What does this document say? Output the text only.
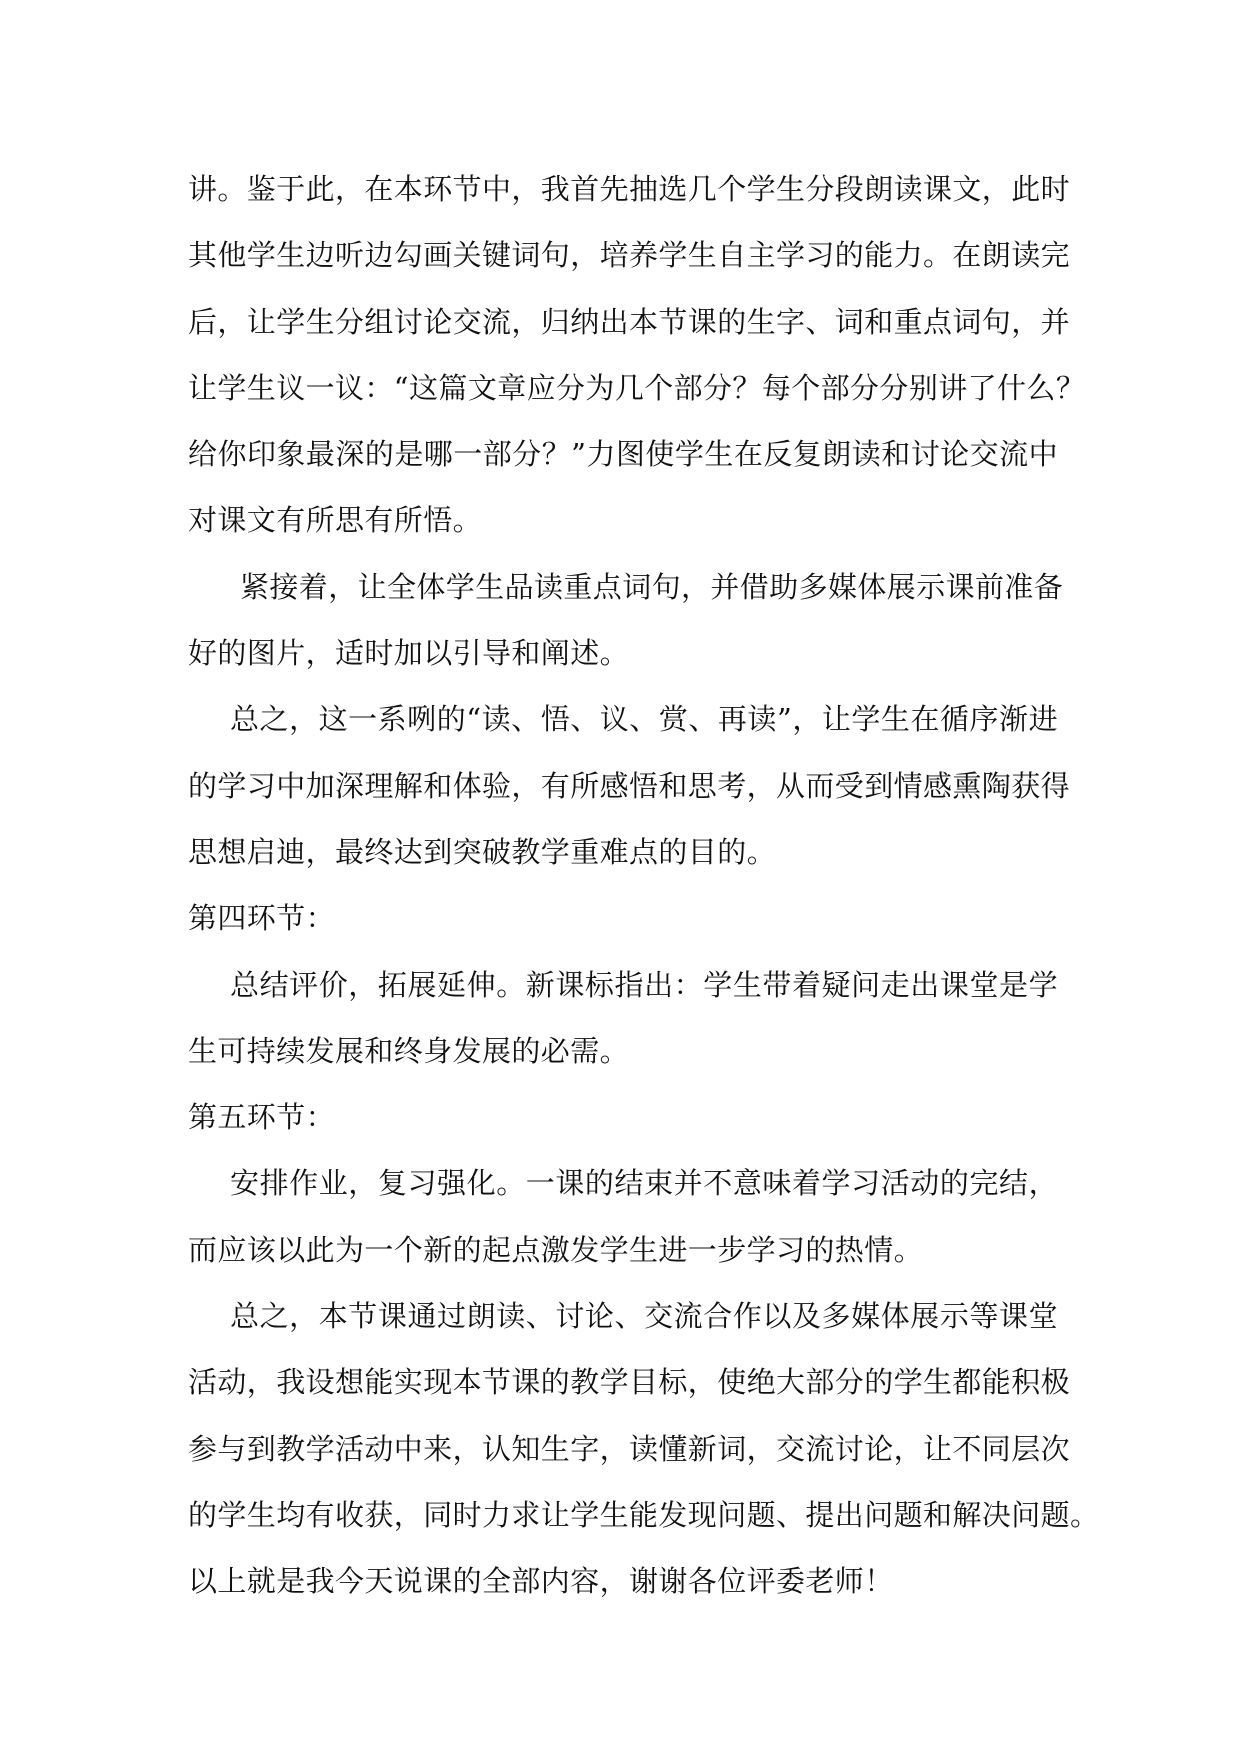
讲。鉴于此，在本环节中，我首先抽选几个学生分段朗读课文，此时
其他学生边听边勾画关键词句，培养学生自主学习的能力。在朗读完
后，让学生分组讨论交流，归纳出本节课的生字、词和重点词句，并
让学生议一议：“这篇文章应分为几个部分？每个部分分别讲了什么？
给你印象最深的是哪一部分？”力图使学生在反复朗读和讨论交流中
对课文有所思有所悟。
紧接着，让全体学生品读重点词句，并借助多媒体展示课前准备
好的图片，适时加以引导和阐述。
总之，这一系咧的“读、悟、议、赏、再读”，让学生在循序渐进
的学习中加深理解和体验，有所感悟和思考，从而受到情感熏陶获得
思想启迪，最终达到突破教学重难点的目的。
第四环节：
总结评价，拓展延伸。新课标指出：学生带着疑问走出课堂是学
生可持续发展和终身发展的必需。
第五环节：
安排作业，复习强化。一课的结束并不意味着学习活动的完结，
而应该以此为一个新的起点激发学生进一步学习的热情。
总之，本节课通过朗读、讨论、交流合作以及多媒体展示等课堂
活动，我设想能实现本节课的教学目标，使绝大部分的学生都能积极
参与到教学活动中来，认知生字，读懂新词，交流讨论，让不同层次
的学生均有收获，同时力求让学生能发现问题、提出问题和解决问题。
以上就是我今天说课的全部内容，谢谢各位评委老师！
